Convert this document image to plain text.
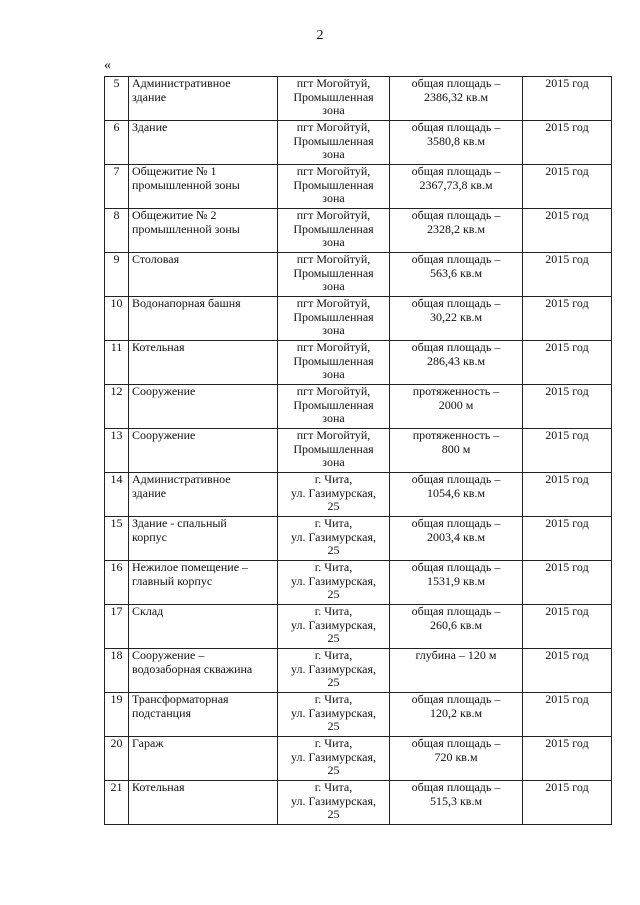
2
«
5	Административное
здание	пгт Могойтуй,
Промышленная
зона	общая площадь –
2386,32 кв.м	2015 год
6	Здание	пгт Могойтуй,
Промышленная
зона	общая площадь –
3580,8 кв.м	2015 год
7	Общежитие № 1
промышленной зоны	пгт Могойтуй,
Промышленная
зона	общая площадь –
2367,73,8 кв.м	2015 год
8	Общежитие № 2
промышленной зоны	пгт Могойтуй,
Промышленная
зона	общая площадь –
2328,2 кв.м	2015 год
9	Столовая	пгт Могойтуй,
Промышленная
зона	общая площадь –
563,6 кв.м	2015 год
10	Водонапорная башня	пгт Могойтуй,
Промышленная
зона	общая площадь –
30,22 кв.м	2015 год
11	Котельная	пгт Могойтуй,
Промышленная
зона	общая площадь –
286,43 кв.м	2015 год
12	Сооружение	пгт Могойтуй,
Промышленная
зона	протяженность –
2000 м	2015 год
13	Сооружение	пгт Могойтуй,
Промышленная
зона	протяженность –
800 м	2015 год
14	Административное
здание	г. Чита,
ул. Газимурская,
25	общая площадь –
1054,6 кв.м	2015 год
15	Здание - спальный
корпус	г. Чита,
ул. Газимурская,
25	общая площадь –
2003,4 кв.м	2015 год
16	Нежилое помещение –
главный корпус	г. Чита,
ул. Газимурская,
25	общая площадь –
1531,9 кв.м	2015 год
17	Склад	г. Чита,
ул. Газимурская,
25	общая площадь –
260,6 кв.м	2015 год
18	Сооружение –
водозаборная скважина	г. Чита,
ул. Газимурская,
25	глубина – 120 м	2015 год
19	Трансформаторная
подстанция	г. Чита,
ул. Газимурская,
25	общая площадь –
120,2 кв.м	2015 год
20	Гараж	г. Чита,
ул. Газимурская,
25	общая площадь –
720 кв.м	2015 год
21	Котельная	г. Чита,
ул. Газимурская,
25	общая площадь –
515,3 кв.м	2015 год
